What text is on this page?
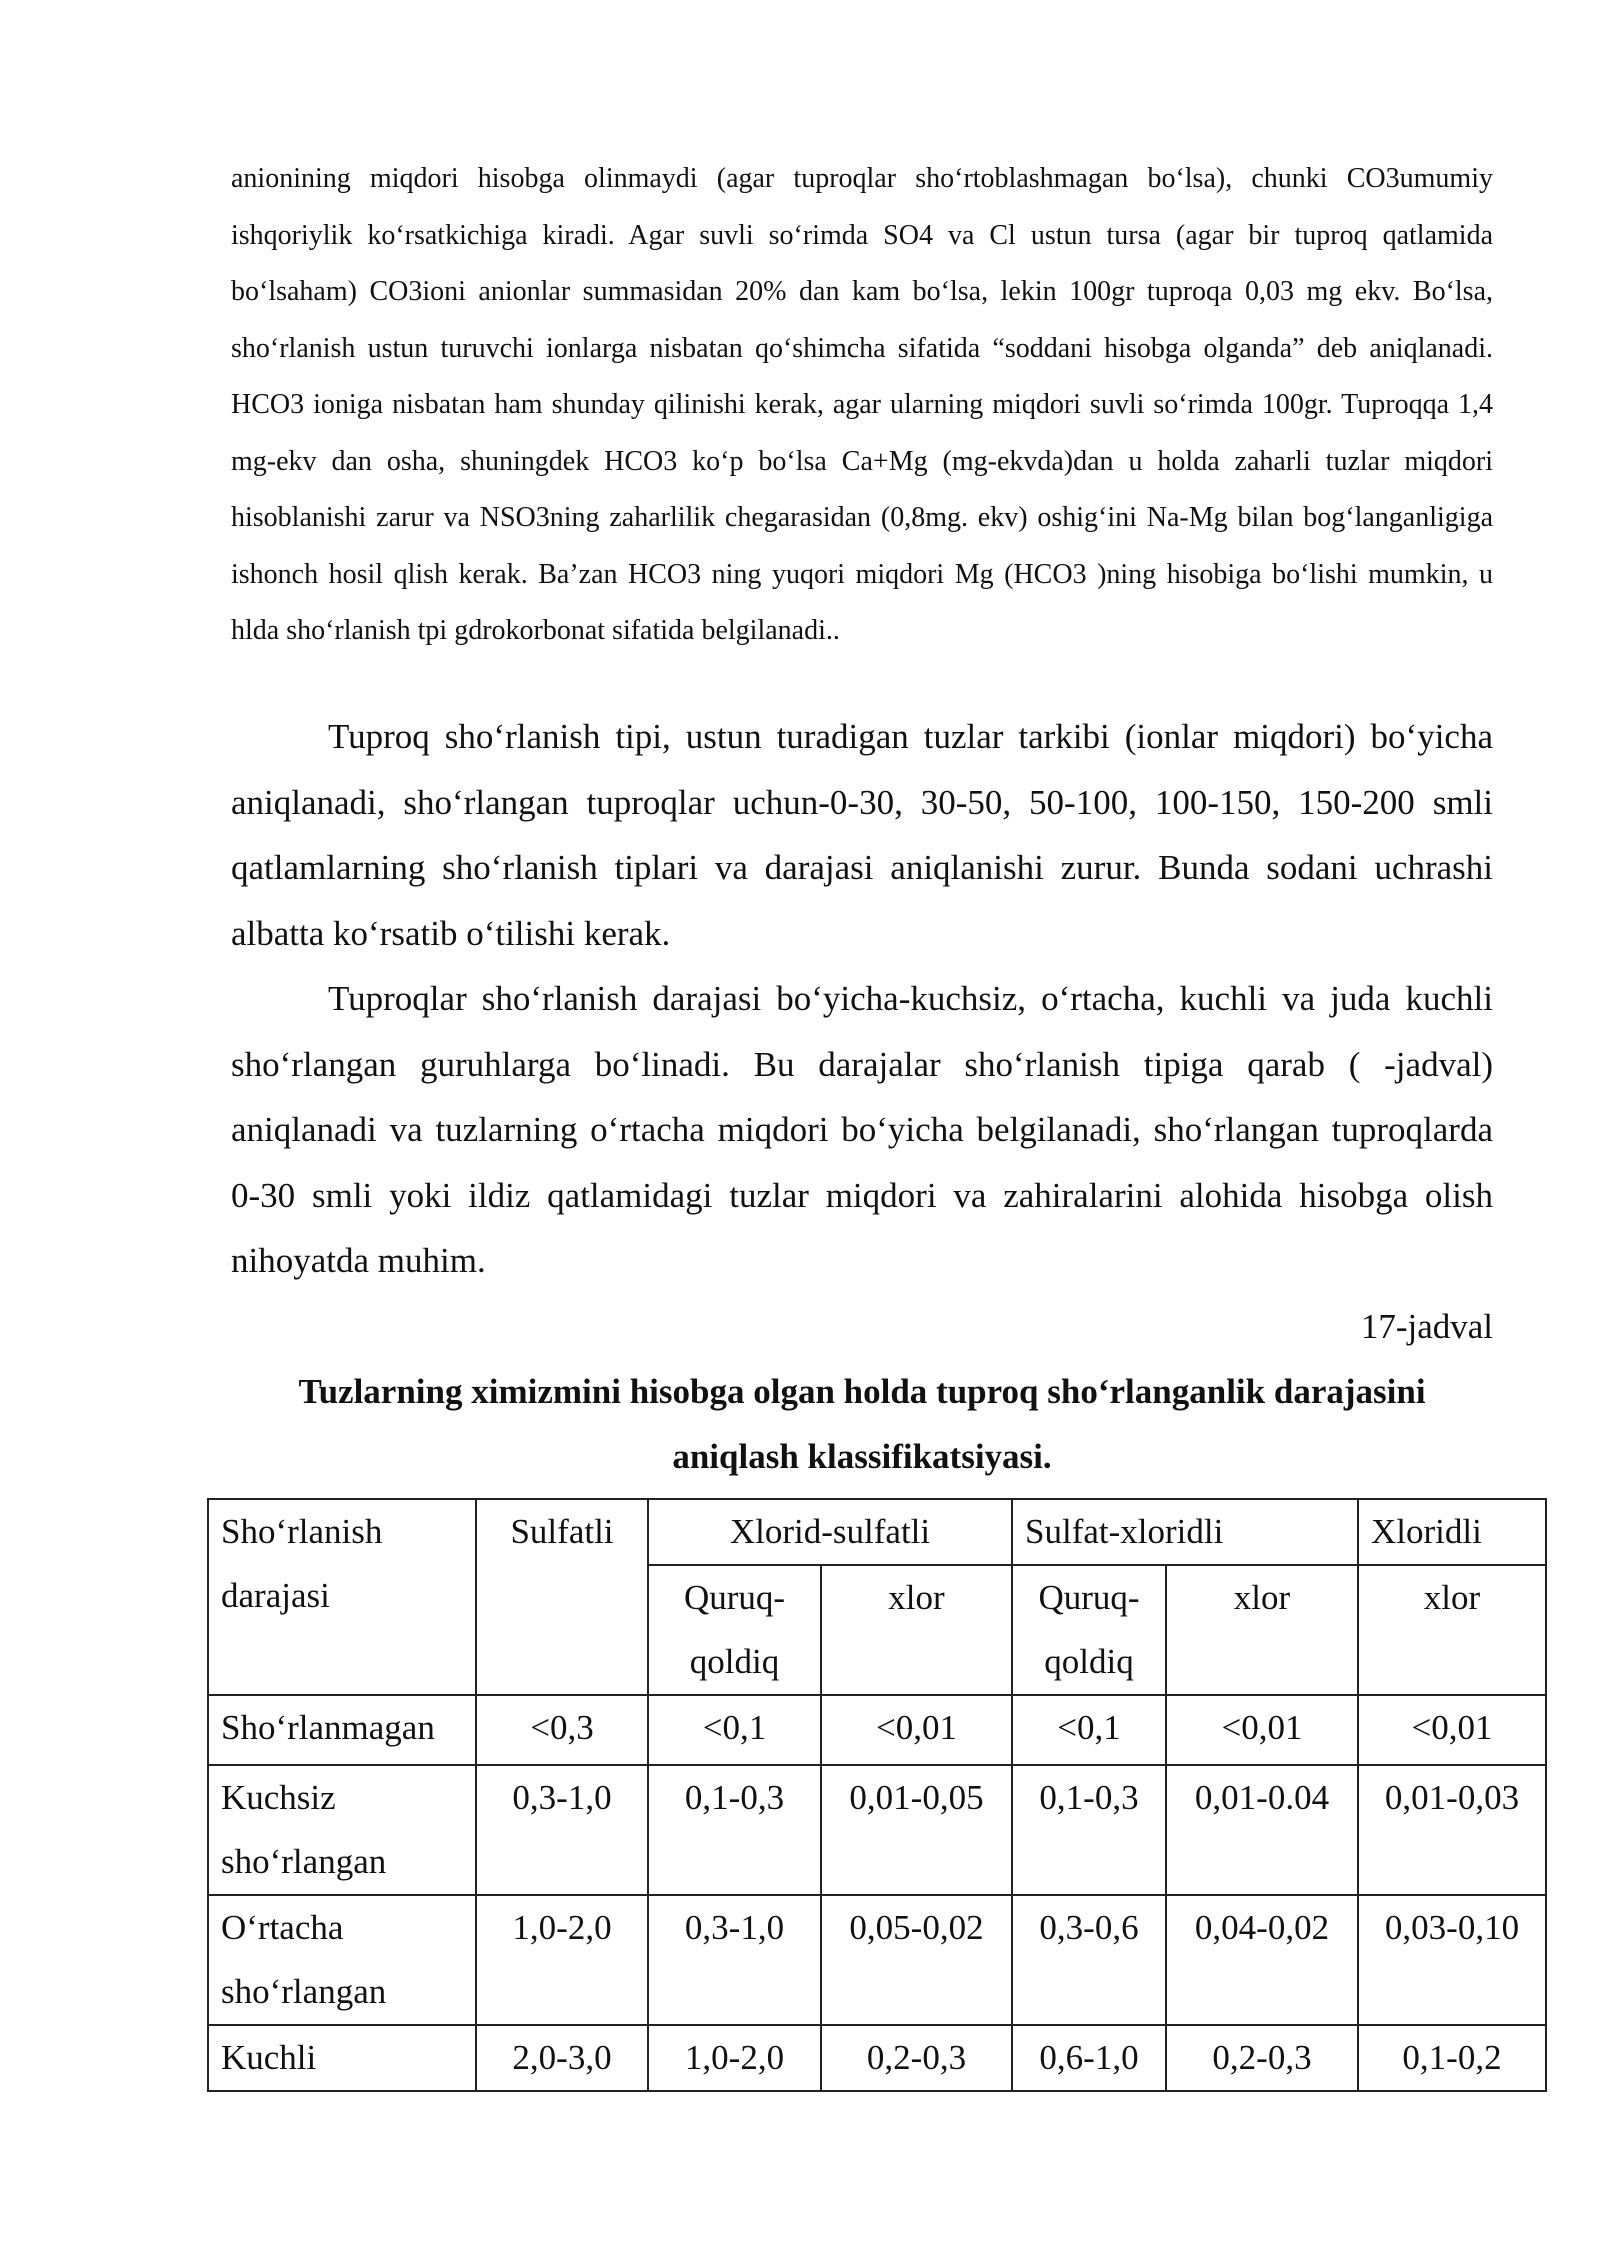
anionining miqdori hisobga olinmaydi (agar tuproqlar sho‘rtoblashmagan bo‘lsa), chunki CO3umumiy ishqoriylik ko‘rsatkichiga kiradi. Agar suvli so‘rimda SO4 va Cl ustun tursa (agar bir tuproq qatlamida bo‘lsaham) CO3ioni anionlar summasidan 20% dan kam bo‘lsa, lekin 100gr tuproqa 0,03 mg ekv. Bo‘lsa, sho‘rlanish ustun turuvchi ionlarga nisbatan qo‘shimcha sifatida “soddani hisobga olganda” deb aniqlanadi. HCO3 ioniga nisbatan ham shunday qilinishi kerak, agar ularning miqdori suvli so‘rimda 100gr. Tuproqqa 1,4 mg-ekv dan osha, shuningdek HCO3 ko‘p bo‘lsa Ca+Mg (mg-ekvda)dan u holda zaharli tuzlar miqdori hisoblanishi zarur va NSO3ning zaharlilik chegarasidan (0,8mg. ekv) oshig‘ini Na-Mg bilan bog‘langanligiga ishonch hosil qlish kerak. Ba’zan HCO3 ning yuqori miqdori Mg (HCO3 )ning hisobiga bo‘lishi mumkin, u hlda sho‘rlanish tpi gdrokorbonat sifatida belgilanadi..

Tuproq sho‘rlanish tipi, ustun turadigan tuzlar tarkibi (ionlar miqdori) bo‘yicha aniqlanadi, sho‘rlangan tuproqlar uchun-0-30, 30-50, 50-100, 100-150, 150-200 smli qatlamlarning sho‘rlanish tiplari va darajasi aniqlanishi zurur. Bunda sodani uchrashi albatta ko‘rsatib o‘tilishi kerak.

Tuproqlar sho‘rlanish darajasi bo‘yicha-kuchsiz, o‘rtacha, kuchli va juda kuchli sho‘rlangan guruhlarga bo‘linadi. Bu darajalar sho‘rlanish tipiga qarab ( -jadval) aniqlanadi va tuzlarning o‘rtacha miqdori bo‘yicha belgilanadi, sho‘rlangan tuproqlarda 0-30 smli yoki ildiz qatlamidagi tuzlar miqdori va zahiralarini alohida hisobga olish nihoyatda muhim.

17-jadval

Tuzlarning ximizmini hisobga olgan holda tuproq sho‘rlanganlik darajasini aniqlash klassifikatsiyasi.

Sho‘rlanish darajasi	Sulfatli	Xlorid-sulfatli		Sulfat-xloridli		Xloridli
		Quruq-qoldiq	xlor	Quruq-qoldiq	xlor	xlor
Sho‘rlanmagan	<0,3	<0,1	<0,01	<0,1	<0,01	<0,01
Kuchsiz sho‘rlangan	0,3-1,0	0,1-0,3	0,01-0,05	0,1-0,3	0,01-0.04	0,01-0,03
O‘rtacha sho‘rlangan	1,0-2,0	0,3-1,0	0,05-0,02	0,3-0,6	0,04-0,02	0,03-0,10
Kuchli	2,0-3,0	1,0-2,0	0,2-0,3	0,6-1,0	0,2-0,3	0,1-0,2
